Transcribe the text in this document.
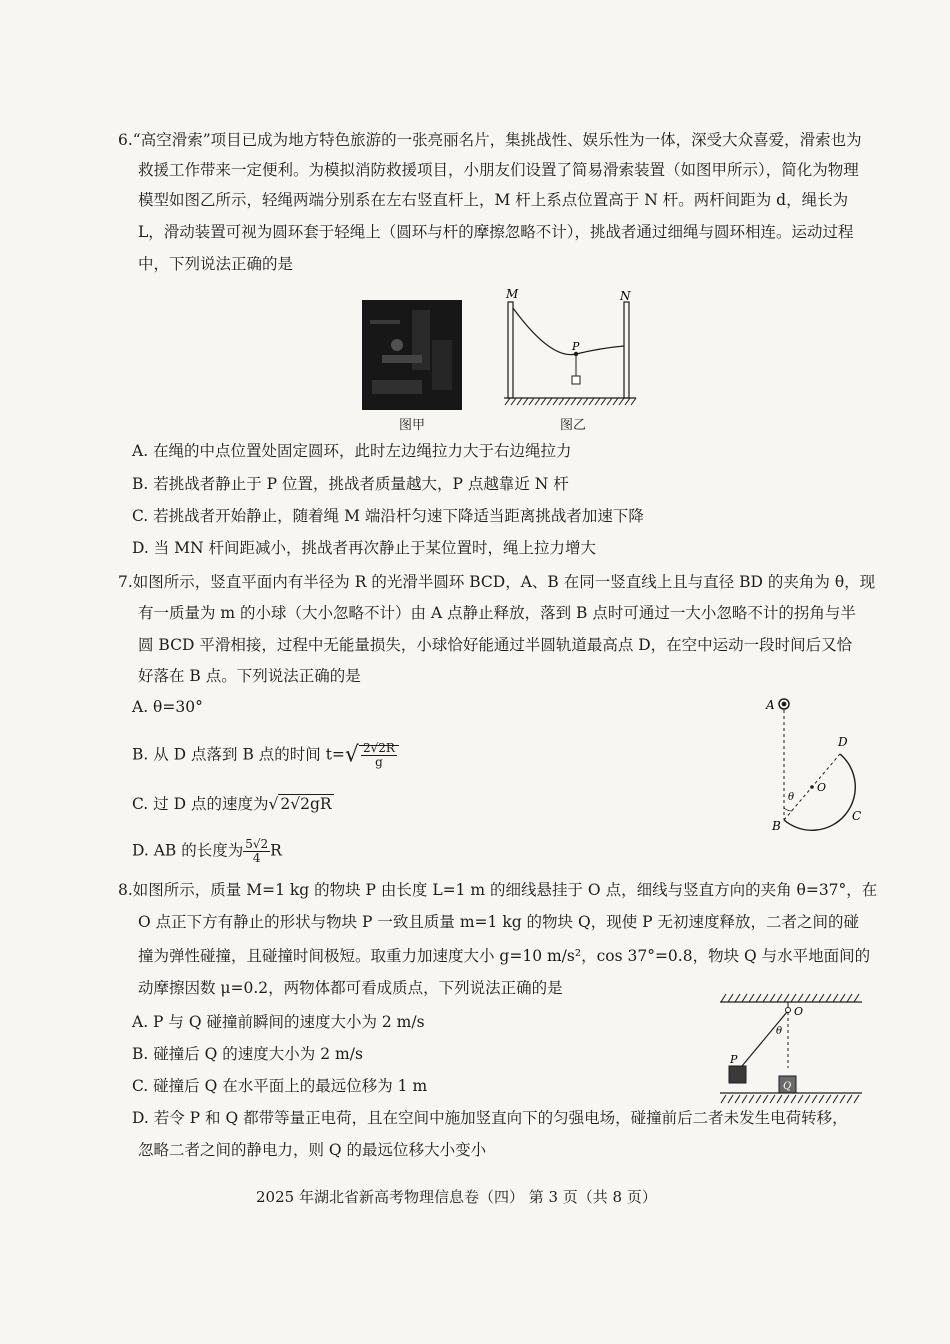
6.“高空滑索”项目已成为地方特色旅游的一张亮丽名片，集挑战性、娱乐性为一体，深受大众喜爱，滑索也为
救援工作带来一定便利。为模拟消防救援项目，小朋友们设置了简易滑索装置（如图甲所示），简化为物理
模型如图乙所示，轻绳两端分别系在左右竖直杆上，M 杆上系点位置高于 N 杆。两杆间距为 d，绳长为
L，滑动装置可视为圆环套于轻绳上（圆环与杆的摩擦忽略不计），挑战者通过细绳与圆环相连。运动过程
中，下列说法正确的是
图甲
M	N
P
图乙
A. 在绳的中点位置处固定圆环，此时左边绳拉力大于右边绳拉力
B. 若挑战者静止于 P 位置，挑战者质量越大，P 点越靠近 N 杆
C. 若挑战者开始静止，随着绳 M 端沿杆匀速下降适当距离挑战者加速下降
D. 当 MN 杆间距减小，挑战者再次静止于某位置时，绳上拉力增大
7.如图所示，竖直平面内有半径为 R 的光滑半圆环 BCD，A、B 在同一竖直线上且与直径 BD 的夹角为 θ，现
有一质量为 m 的小球（大小忽略不计）由 A 点静止释放，落到 B 点时可通过一大小忽略不计的拐角与半
圆 BCD 平滑相接，过程中无能量损失，小球恰好能通过半圆轨道最高点 D，在空中运动一段时间后又恰
好落在 B 点。下列说法正确的是
A. θ=30°
B. 从 D 点落到 B 点的时间 $t=√ \frac{2√2R}{g}$
C. 过 D 点的速度为√ 2√2gR
D. AB 的长度为 $\frac{5√2}{4}$ R
A
O
D
B
C
θ
8.如图所示，质量 M=1 kg 的物块 P 由长度 L=1 m 的细线悬挂于 O 点，细线与竖直方向的夹角 θ=37°，在
O 点正下方有静止的形状与物块 P 一致且质量 m=1 kg 的物块 Q，现使 P 无初速度释放，二者之间的碰
撞为弹性碰撞，且碰撞时间极短。取重力加速度大小 g=10 m/s²，cos 37°=0.8，物块 Q 与水平地面间的
动摩擦因数 μ=0.2，两物体都可看成质点，下列说法正确的是
A. P 与 Q 碰撞前瞬间的速度大小为 2 m/s
B. 碰撞后 Q 的速度大小为 2 m/s
C. 碰撞后 Q 在水平面上的最远位移为 1 m
D. 若令 P 和 Q 都带等量正电荷，且在空间中施加竖直向下的匀强电场，碰撞前后二者未发生电荷转移，
忽略二者之间的静电力，则 Q 的最远位移大小变小
O
θ
P
Q
2025 年湖北省新高考物理信息卷（四） 第 3 页（共 8 页）
